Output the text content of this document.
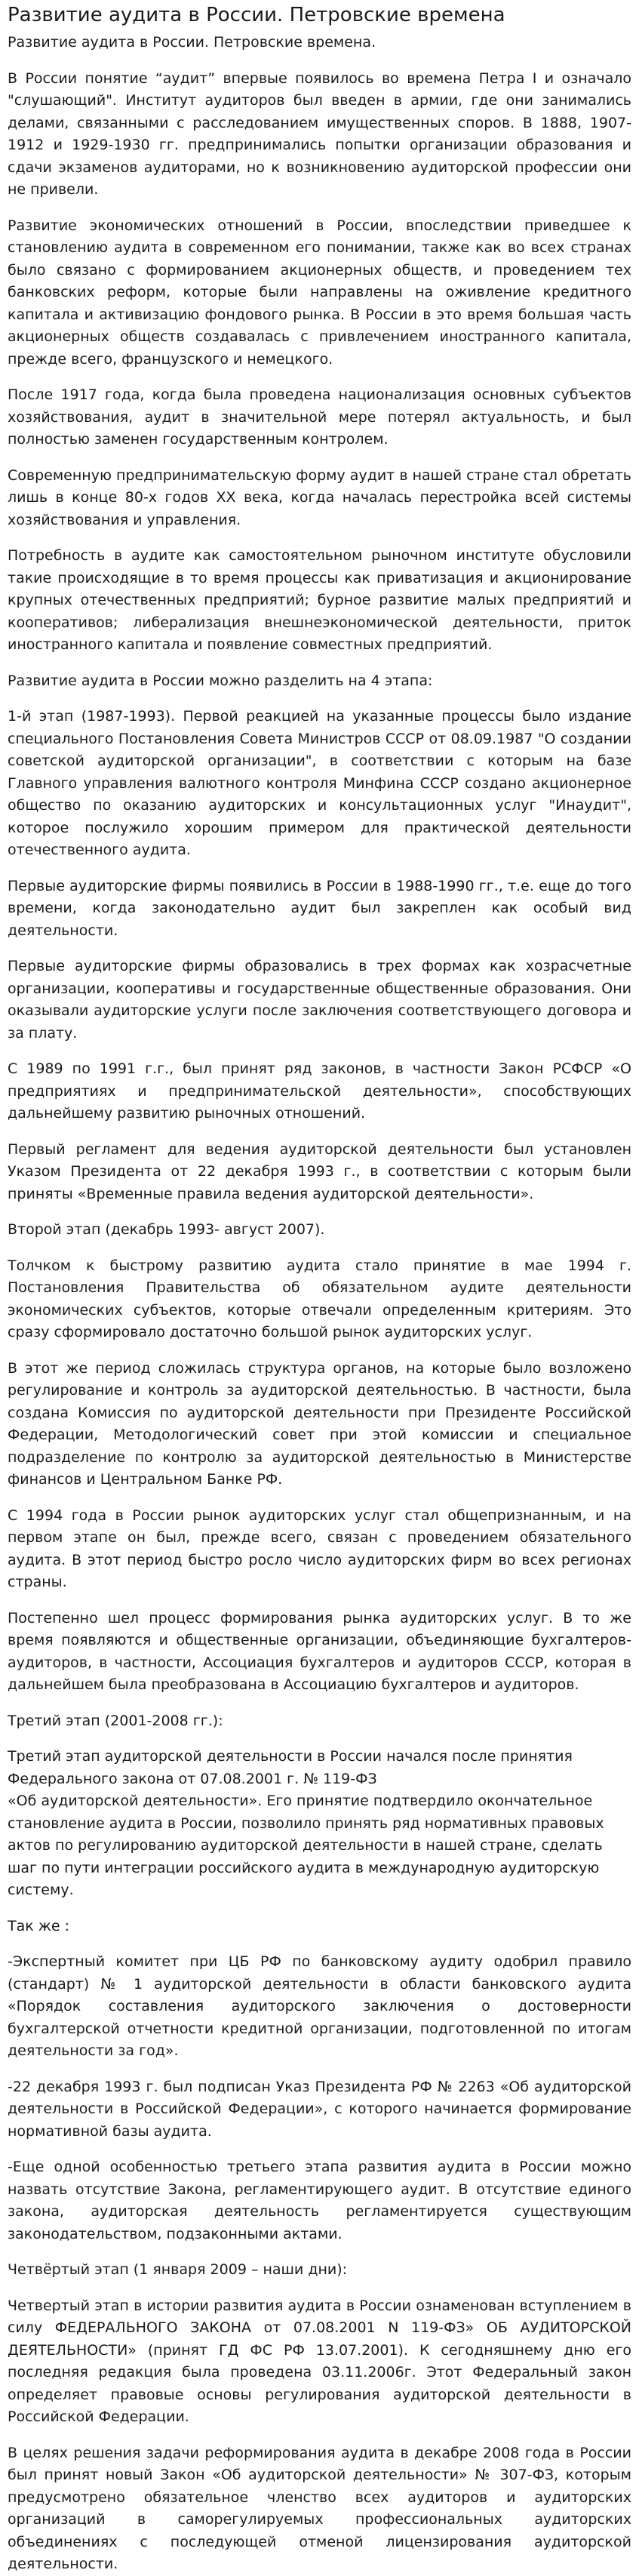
Развитие аудита в России. Петровские времена

Развитие аудита в России. Петровские времена.

В России понятие “аудит” впервые появилось во времена Петра I и означало "слушающий". Институт аудиторов был введен в армии, где они занимались делами, связанными с расследованием имущественных споров. В 1888, 1907-1912 и 1929-1930 гг. предпринимались попытки организации образования и сдачи экзаменов аудиторами, но к возникновению аудиторской профессии они не привели.

Развитие экономических отношений в России, впоследствии приведшее к становлению аудита в современном его понимании, также как во всех странах было связано с формированием акционерных обществ, и проведением тех банковских реформ, которые были направлены на оживление кредитного капитала и активизацию фондового рынка. В России в это время большая часть акционерных обществ создавалась с привлечением иностранного капитала, прежде всего, французского и немецкого.

После 1917 года, когда была проведена национализация основных субъектов хозяйствования, аудит в значительной мере потерял актуальность, и был полностью заменен государственным контролем.

Современную предпринимательскую форму аудит в нашей стране стал обретать лишь в конце 80-х годов XX века, когда началась перестройка всей системы хозяйствования и управления.

Потребность в аудите как самостоятельном рыночном институте обусловили такие происходящие в то время процессы как приватизация и акционирование крупных отечественных предприятий; бурное развитие малых предприятий и кооперативов; либерализация внешнеэкономической деятельности, приток иностранного капитала и появление совместных предприятий.

Развитие аудита в России можно разделить на 4 этапа:

1-й этап (1987-1993). Первой реакцией на указанные процессы было издание специального Постановления Совета Министров СССР от 08.09.1987 "О создании советской аудиторской организации", в соответствии с которым на базе Главного управления валютного контроля Минфина СССР создано акционерное общество по оказанию аудиторских и консультационных услуг "Инаудит", которое послужило хорошим примером для практической деятельности отечественного аудита.

Первые аудиторские фирмы появились в России в 1988-1990 гг., т.е. еще до того времени, когда законодательно аудит был закреплен как особый вид деятельности.

Первые аудиторские фирмы образовались в трех формах как хозрасчетные организации, кооперативы и государственные общественные образования. Они оказывали аудиторские услуги после заключения соответствующего договора и за плату.

С 1989 по 1991 г.г., был принят ряд законов, в частности Закон РСФСР «О предприятиях и предпринимательской деятельности», способствующих дальнейшему развитию рыночных отношений.

Первый регламент для ведения аудиторской деятельности был установлен Указом Президента от 22 декабря 1993 г., в соответствии с которым были приняты «Временные правила ведения аудиторской деятельности».

Второй этап (декабрь 1993- август 2007).

Толчком к быстрому развитию аудита стало принятие в мае 1994 г. Постановления Правительства об обязательном аудите деятельности экономических субъектов, которые отвечали определенным критериям. Это сразу сформировало достаточно большой рынок аудиторских услуг.

В этот же период сложилась структура органов, на которые было возложено регулирование и контроль за аудиторской деятельностью. В частности, была создана Комиссия по аудиторской деятельности при Президенте Российской Федерации, Методологический совет при этой комиссии и специальное подразделение по контролю за аудиторской деятельностью в Министерстве финансов и Центральном Банке РФ.

С 1994 года в России рынок аудиторских услуг стал общепризнанным, и на первом этапе он был, прежде всего, связан с проведением обязательного аудита. В этот период быстро росло число аудиторских фирм во всех регионах страны.

Постепенно шел процесс формирования рынка аудиторских услуг. В то же время появляются и общественные организации, объединяющие бухгалтеров-аудиторов, в частности, Ассоциация бухгалтеров и аудиторов СССР, которая в дальнейшем была преобразована в Ассоциацию бухгалтеров и аудиторов.

Третий этап (2001-2008 гг.):

Третий этап аудиторской деятельности в России начался после принятия
Федерального закона от 07.08.2001 г. № 119-ФЗ
«Об аудиторской деятельности». Его принятие подтвердило окончательное
становление аудита в России, позволило принять ряд нормативных правовых
актов по регулированию аудиторской деятельности в нашей стране, сделать
шаг по пути интеграции российского аудита в международную аудиторскую
систему.

Так же :

-Экспертный комитет при ЦБ РФ по банковскому аудиту одобрил правило (стандарт) № 1 аудиторской деятельности в области банковского аудита «Порядок составления аудиторского заключения о достоверности бухгалтерской отчетности кредитной организации, подготовленной по итогам деятельности за год».

-22 декабря 1993 г. был подписан Указ Президента РФ № 2263 «Об аудиторской деятельности в Российской Федерации», с которого начинается формирование нормативной базы аудита.

-Еще одной особенностью третьего этапа развития аудита в России можно назвать отсутствие Закона, регламентирующего аудит. В отсутствие единого закона, аудиторская деятельность регламентируется существующим законодательством, подзаконными актами.

Четвёртый этап (1 января 2009 – наши дни):

Четвертый этап в истории развития аудита в России ознаменован вступлением в силу ФЕДЕРАЛЬНОГО ЗАКОНА от 07.08.2001 N 119-ФЗ» ОБ АУДИТОРСКОЙ ДЕЯТЕЛЬНОСТИ» (принят ГД ФС РФ 13.07.2001). К сегодняшнему дню его последняя редакция была проведена 03.11.2006г. Этот Федеральный закон определяет правовые основы регулирования аудиторской деятельности в Российской Федерации.

В целях решения задачи реформирования аудита в декабре 2008 года в России был принят новый Закон «Об аудиторской деятельности» № 307-ФЗ, которым предусмотрено обязательное членство всех аудиторов и аудиторских организаций в саморегулируемых профессиональных аудиторских объединениях с последующей отменой лицензирования аудиторской деятельности.
